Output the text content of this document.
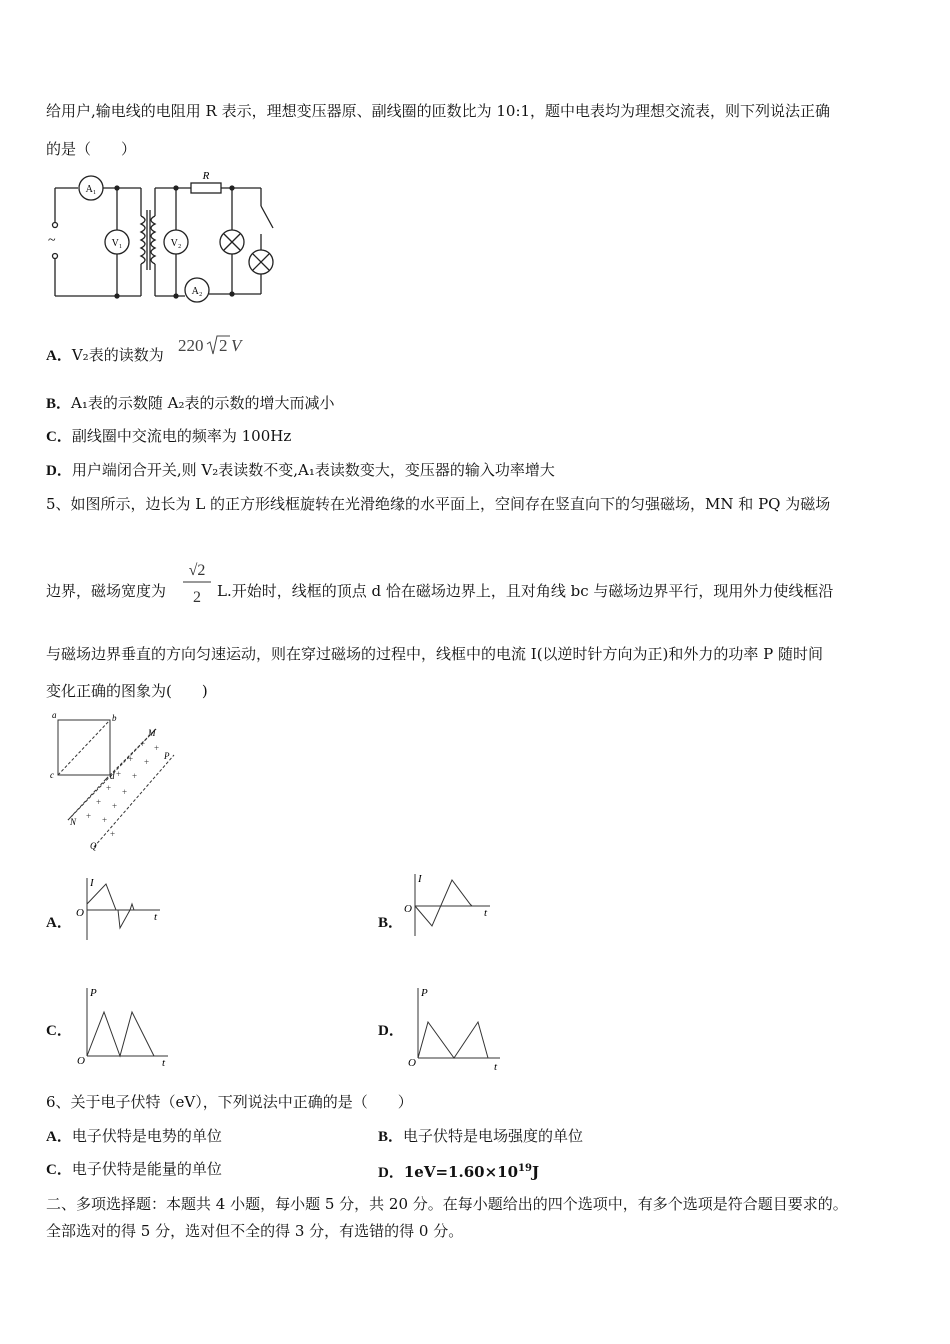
给用户,输电线的电阻用 R 表示，理想变压器原、副线圈的匝数比为 10:1，题中电表均为理想交流表，则下列说法正确
的是（　　）
A₁
V₁	V₂
A₂
R
~
A．V₂表的读数为 220 2 V
B．A₁表的示数随 A₂表的示数的增大而减小
C．副线圈中交流电的频率为 100Hz
D．用户端闭合开关,则 V₂表读数不变,A₁表读数变大，变压器的输入功率增大
5、如图所示，边长为 L 的正方形线框旋转在光滑绝缘的水平面上，空间存在竖直向下的匀强磁场，MN 和 PQ 为磁场
边界，磁场宽度为
√2
2 L.开始时，线框的顶点 d 恰在磁场边界上，且对角线 bc 与磁场边界平行，现用外力使线框沿
与磁场边界垂直的方向匀速运动，则在穿过磁场的过程中，线框中的电流 I(以逆时针方向为正)和外力的功率 P 随时间
变化正确的图象为(　　)
a	b
c	d
M
P
N
Q
+ +
+ +
+ +
+ +
+ +
+ +
+
A．
I
O	t	B．
I
O	t
C．
P
O	t
D．
P
O	t
6、关于电子伏特（eV），下列说法中正确的是（　　）
A．电子伏特是电势的单位	B．电子伏特是电场强度的单位
C．电子伏特是能量的单位	D．$1eV=1.60\times 10^{19}J$
二、多项选择题：本题共 4 小题，每小题 5 分，共 20 分。在每小题给出的四个选项中，有多个选项是符合题目要求的。
全部选对的得 5 分，选对但不全的得 3 分，有选错的得 0 分。
